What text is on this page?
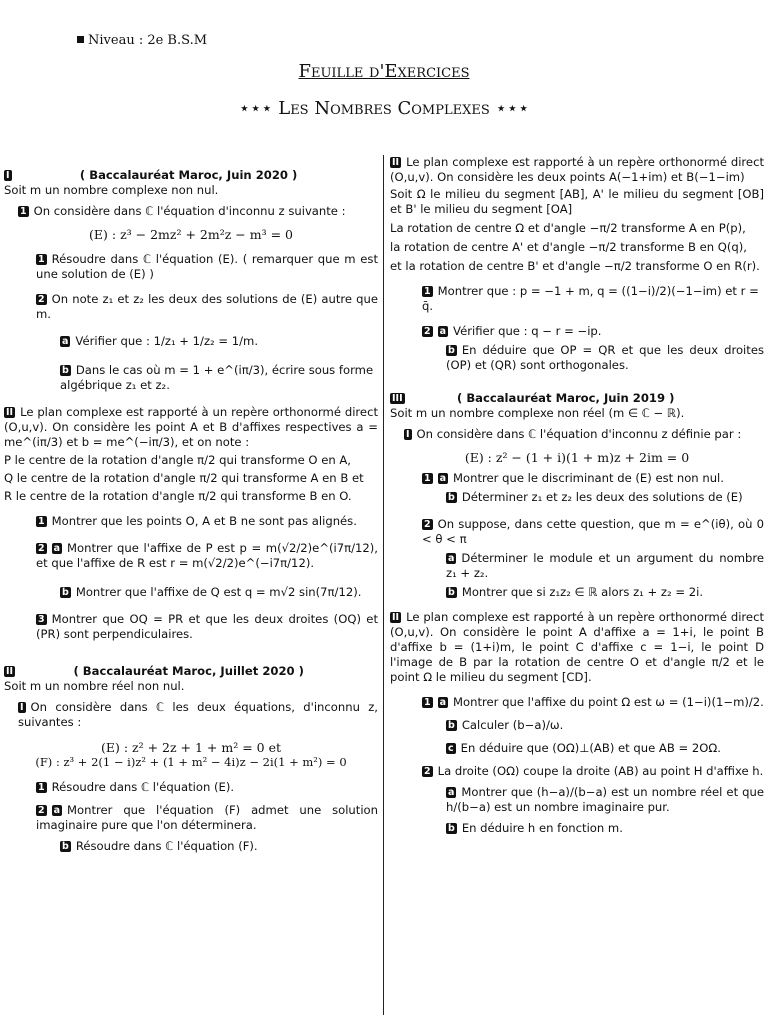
Niveau : 2e B.S.M
Feuille d'Exercices
⋆⋆⋆ Les Nombres Complexes ⋆⋆⋆
I	( Baccalauréat Maroc, Juin 2020 )
Soit m un nombre complexe non nul.
1 On considère dans ℂ l'équation d'inconnu z suivante :
(E) : z³ − 2mz² + 2m²z − m³ = 0
1 Résoudre dans ℂ l'équation (E). ( remarquer que m est une solution de (E) )
2 On note z₁ et z₂ les deux des solutions de (E) autre que m.
a Vérifier que : 1/z₁ + 1/z₂ = 1/m.
b Dans le cas où m = 1 + e^(iπ/3), écrire sous forme algébrique z₁ et z₂.
II Le plan complexe est rapporté à un repère orthonormé direct (O,u,v). On considère les point A et B d'affixes respectives a = me^(iπ/3) et b = me^(−iπ/3), et on note :
P le centre de la rotation d'angle π/2 qui transforme O en A,
Q le centre de la rotation d'angle π/2 qui transforme A en B et
R le centre de la rotation d'angle π/2 qui transforme B en O.
1 Montrer que les points O, A et B ne sont pas alignés.
2 a Montrer que l'affixe de P est p = m(√2/2)e^(i7π/12), et que l'affixe de R est r = m(√2/2)e^(−i7π/12).
b Montrer que l'affixe de Q est q = m√2 sin(7π/12).
3 Montrer que OQ = PR et que les deux droites (OQ) et (PR) sont perpendiculaires.
II	( Baccalauréat Maroc, Juillet 2020 )
Soit m un nombre réel non nul.
I On considère dans ℂ les deux équations, d'inconnu z, suivantes :
(E) : z² + 2z + 1 + m² = 0 et
(F) : z³ + 2(1 − i)z² + (1 + m² − 4i)z − 2i(1 + m²) = 0
1 Résoudre dans ℂ l'équation (E).
2 a Montrer que l'équation (F) admet une solution imaginaire pure que l'on déterminera.
b Résoudre dans ℂ l'équation (F).
II Le plan complexe est rapporté à un repère orthonormé direct (O,u,v). On considère les deux points A(−1+im) et B(−1−im)
Soit Ω le milieu du segment [AB], A' le milieu du segment [OB] et B' le milieu du segment [OA]
La rotation de centre Ω et d'angle −π/2 transforme A en P(p),
la rotation de centre A' et d'angle −π/2 transforme B en Q(q),
et la rotation de centre B' et d'angle −π/2 transforme O en R(r).
1 Montrer que : p = −1 + m, q = ((1−i)/2)(−1−im) et r = q̄.
2 a Vérifier que : q − r = −ip.
b En déduire que OP = QR et que les deux droites (OP) et (QR) sont orthogonales.
III	( Baccalauréat Maroc, Juin 2019 )
Soit m un nombre complexe non réel (m ∈ ℂ − ℝ).
I On considère dans ℂ l'équation d'inconnu z définie par :
(E) : z² − (1 + i)(1 + m)z + 2im = 0
1 a Montrer que le discriminant de (E) est non nul.
b Déterminer z₁ et z₂ les deux des solutions de (E)
2 On suppose, dans cette question, que m = e^(iθ), où 0 < θ < π
a Déterminer le module et un argument du nombre z₁ + z₂.
b Montrer que si z₁z₂ ∈ ℝ alors z₁ + z₂ = 2i.
II Le plan complexe est rapporté à un repère orthonormé direct (O,u,v). On considère le point A d'affixe a = 1+i, le point B d'affixe b = (1+i)m, le point C d'affixe c = 1−i, le point D l'image de B par la rotation de centre O et d'angle π/2 et le point Ω le milieu du segment [CD].
1 a Montrer que l'affixe du point Ω est ω = (1−i)(1−m)/2.
b Calculer (b−a)/ω.
c En déduire que (OΩ)⊥(AB) et que AB = 2OΩ.
2 La droite (OΩ) coupe la droite (AB) au point H d'affixe h.
a Montrer que (h−a)/(b−a) est un nombre réel et que h/(b−a) est un nombre imaginaire pur.
b En déduire h en fonction m.
